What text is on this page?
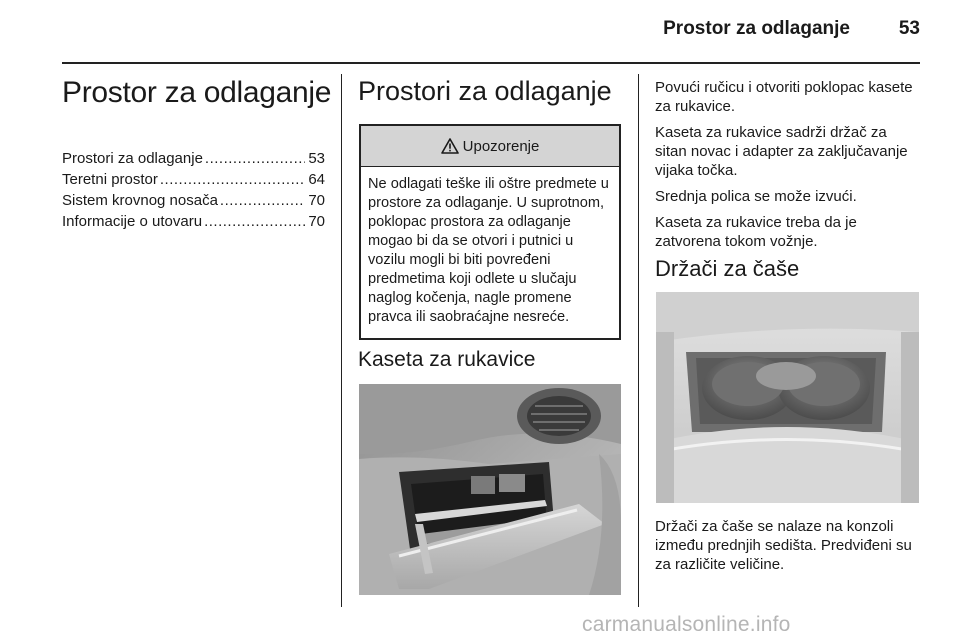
Prostor za odlaganje	53
Prostor za odlaganje
Prostori za odlaganje .....	53
Teretni prostor .....	64
Sistem krovnog nosača .....	70
Informacije o utovaru .....	70
Prostori za odlaganje
Upozorenje
Ne odlagati teške ili oštre predmete u prostore za odlaganje. U suprotnom, poklopac prostora za odlaganje mogao bi da se otvori i putnici u vozilu mogli bi biti povređeni predmetima koji odlete u slučaju naglog kočenja, nagle promene pravca ili saobraćajne nesreće.
Kaseta za rukavice

Povući ručicu i otvoriti poklopac kasete za rukavice.

Kaseta za rukavice sadrži držač za sitan novac i adapter za zaključavanje vijaka točka.

Srednja polica se može izvući.

Kaseta za rukavice treba da je zatvorena tokom vožnje.

Držači za čaše
Držači za čaše se nalaze na konzoli između prednjih sedišta. Predviđeni su za različite veličine.
carmanualsonline.info
